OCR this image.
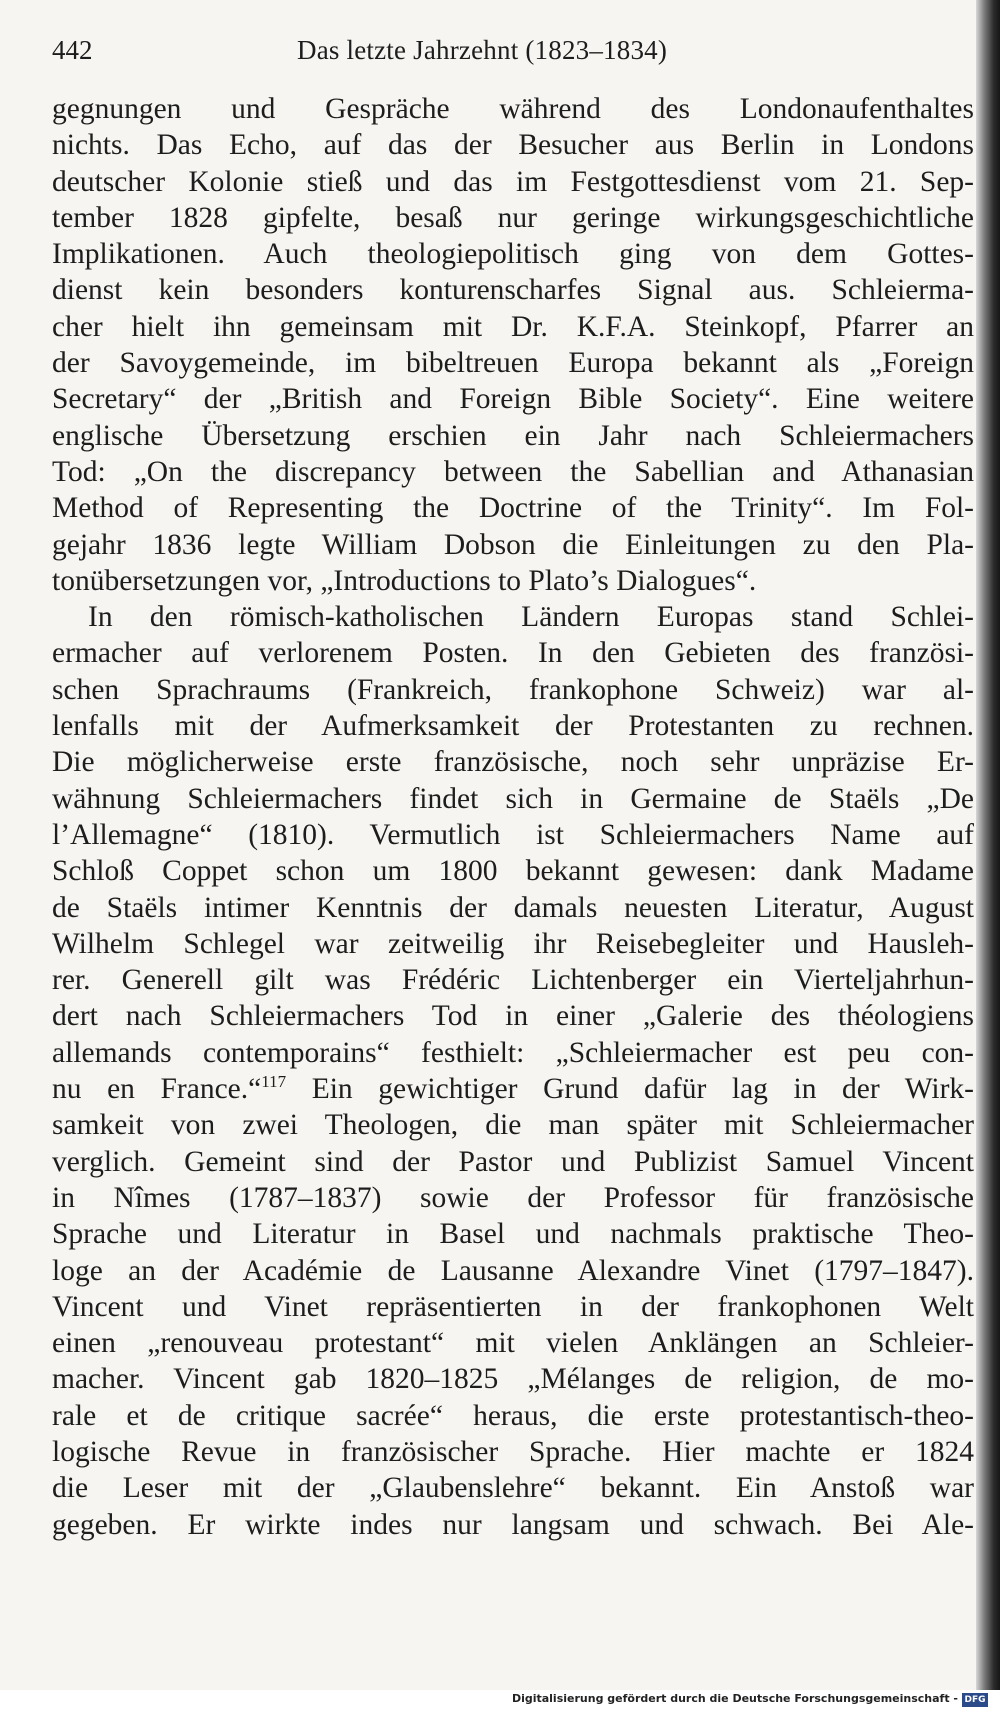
442	Das letzte Jahrzehnt (1823–1834)
gegnungen und Gespräche während des Londonaufenthaltes
nichts. Das Echo, auf das der Besucher aus Berlin in Londons
deutscher Kolonie stieß und das im Festgottesdienst vom 21. Sep-
tember 1828 gipfelte, besaß nur geringe wirkungsgeschichtliche
Implikationen. Auch theologiepolitisch ging von dem Gottes-
dienst kein besonders konturenscharfes Signal aus. Schleierma-
cher hielt ihn gemeinsam mit Dr. K.F.A. Steinkopf, Pfarrer an
der Savoygemeinde, im bibeltreuen Europa bekannt als „Foreign
Secretary“ der „British and Foreign Bible Society“. Eine weitere
englische Übersetzung erschien ein Jahr nach Schleiermachers
Tod: „On the discrepancy between the Sabellian and Athanasian
Method of Representing the Doctrine of the Trinity“. Im Fol-
gejahr 1836 legte William Dobson die Einleitungen zu den Pla-
tonübersetzungen vor, „Introductions to Plato’s Dialogues“.
In den römisch-katholischen Ländern Europas stand Schlei-
ermacher auf verlorenem Posten. In den Gebieten des französi-
schen Sprachraums (Frankreich, frankophone Schweiz) war al-
lenfalls mit der Aufmerksamkeit der Protestanten zu rechnen.
Die möglicherweise erste französische, noch sehr unpräzise Er-
wähnung Schleiermachers findet sich in Germaine de Staëls „De
l’Allemagne“ (1810). Vermutlich ist Schleiermachers Name auf
Schloß Coppet schon um 1800 bekannt gewesen: dank Madame
de Staëls intimer Kenntnis der damals neuesten Literatur, August
Wilhelm Schlegel war zeitweilig ihr Reisebegleiter und Hausleh-
rer. Generell gilt was Frédéric Lichtenberger ein Vierteljahrhun-
dert nach Schleiermachers Tod in einer „Galerie des théologiens
allemands contemporains“ festhielt: „Schleiermacher est peu con-
nu en France.“$^{117}$ Ein gewichtiger Grund dafür lag in der Wirk-
samkeit von zwei Theologen, die man später mit Schleiermacher
verglich. Gemeint sind der Pastor und Publizist Samuel Vincent
in Nîmes (1787–1837) sowie der Professor für französische
Sprache und Literatur in Basel und nachmals praktische Theo-
loge an der Académie de Lausanne Alexandre Vinet (1797–1847).
Vincent und Vinet repräsentierten in der frankophonen Welt
einen „renouveau protestant“ mit vielen Anklängen an Schleier-
macher. Vincent gab 1820–1825 „Mélanges de religion, de mo-
rale et de critique sacrée“ heraus, die erste protestantisch-theo-
logische Revue in französischer Sprache. Hier machte er 1824
die Leser mit der „Glaubenslehre“ bekannt. Ein Anstoß war
gegeben. Er wirkte indes nur langsam und schwach. Bei Ale-
Digitalisierung gefördert durch die Deutsche Forschungsgemeinschaft - DFG
